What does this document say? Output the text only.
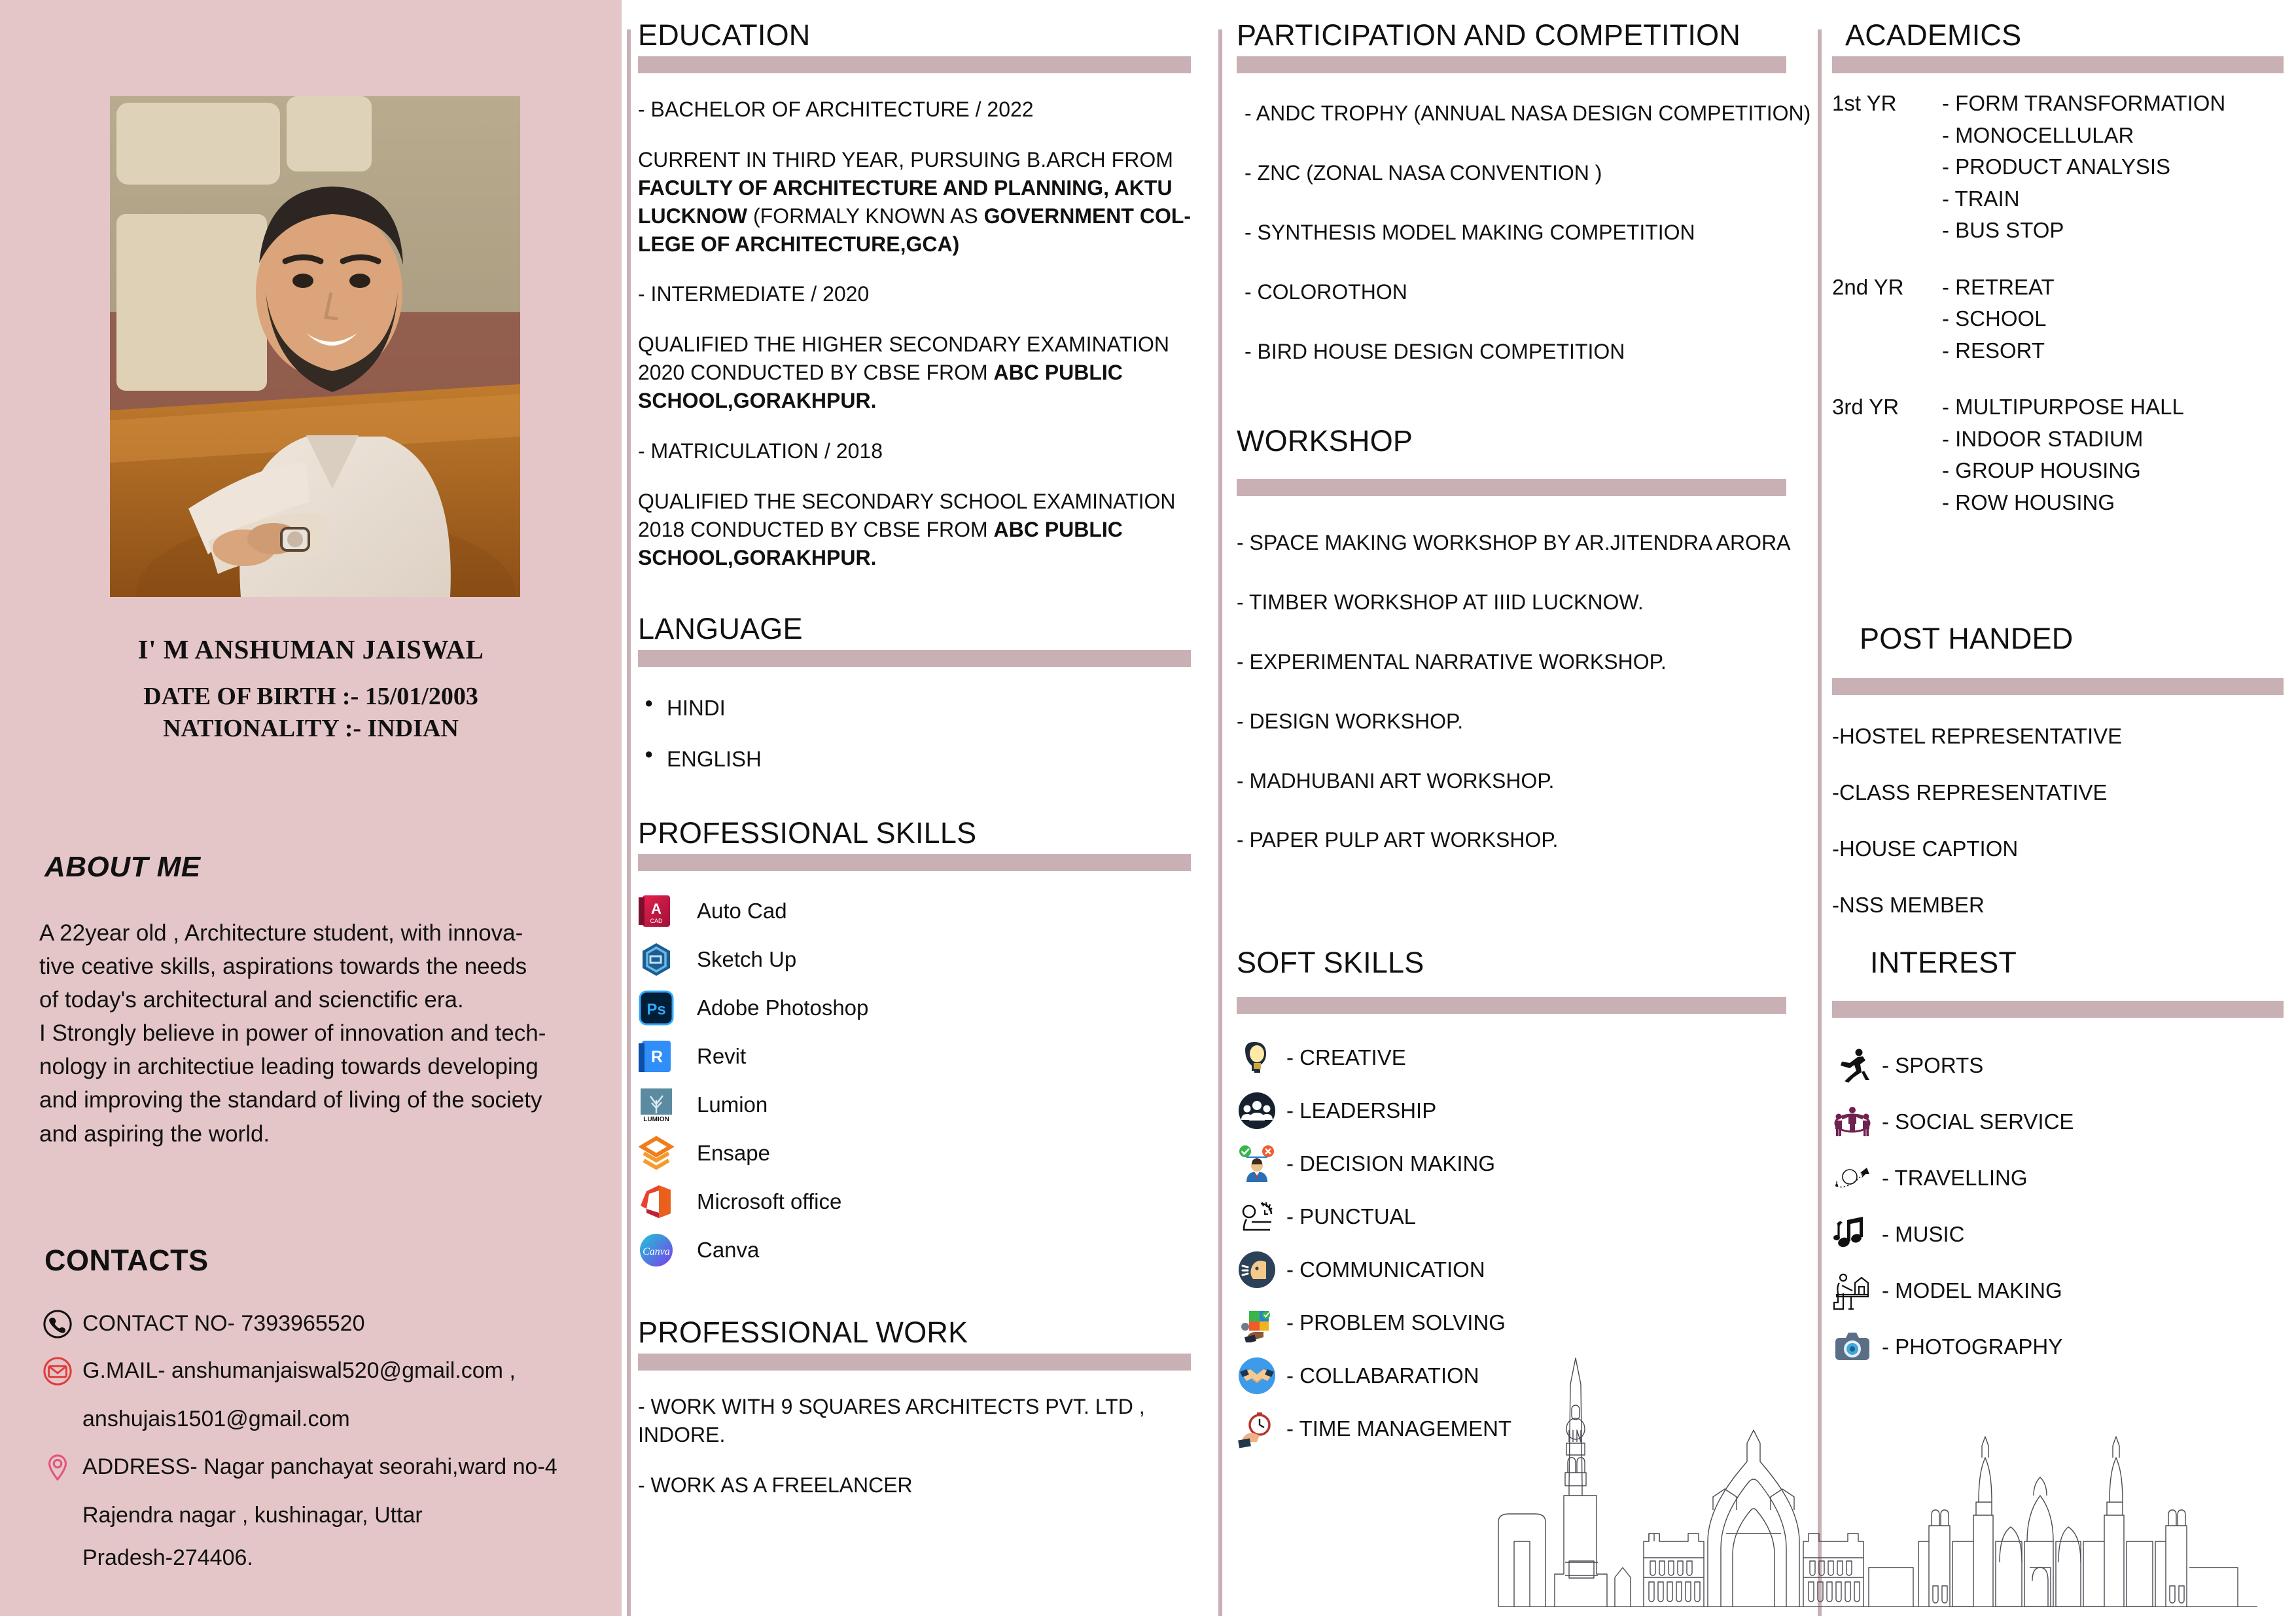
I' M ANSHUMAN JAISWAL
DATE OF BIRTH :- 15/01/2003
NATIONALITY :- INDIAN
ABOUT ME
A 22year old , Architecture student, with innova-
tive ceative skills, aspirations towards the needs
of today's architectural and scienctific era.
I Strongly believe in power of innovation and tech-
nology in architectiue leading towards developing
and improving the standard of living of the society
and aspiring the world.
CONTACTS
CONTACT NO- 7393965520
G.MAIL- anshumanjaiswal520@gmail.com ,
anshujais1501@gmail.com
ADDRESS- Nagar panchayat seorahi,ward no-4
Rajendra nagar , kushinagar, Uttar
Pradesh-274406.
EDUCATION
- BACHELOR OF ARCHITECTURE / 2022
CURRENT IN THIRD YEAR, PURSUING B.ARCH FROM
FACULTY OF ARCHITECTURE AND PLANNING, AKTU
LUCKNOW (FORMALY KNOWN AS GOVERNMENT COL-
LEGE OF ARCHITECTURE,GCA)
- INTERMEDIATE / 2020
QUALIFIED THE HIGHER SECONDARY EXAMINATION
2020 CONDUCTED BY CBSE FROM ABC PUBLIC
SCHOOL,GORAKHPUR.
- MATRICULATION / 2018
QUALIFIED THE SECONDARY SCHOOL EXAMINATION
2018 CONDUCTED BY CBSE FROM ABC PUBLIC
SCHOOL,GORAKHPUR.
LANGUAGE
● HINDI
● ENGLISH
PROFESSIONAL SKILLS
A
CAD Auto Cad
Sketch Up
Ps Adobe Photoshop
R Revit
LUMION
Lumion
Ensape
Microsoft office
Canva Canva
PROFESSIONAL WORK
- WORK WITH 9 SQUARES ARCHITECTS PVT. LTD ,
INDORE.
- WORK AS A FREELANCER
PARTICIPATION AND COMPETITION
- ANDC TROPHY (ANNUAL NASA DESIGN COMPETITION)
- ZNC (ZONAL NASA CONVENTION )
- SYNTHESIS MODEL MAKING COMPETITION
- COLOROTHON
- BIRD HOUSE DESIGN COMPETITION
WORKSHOP
- SPACE MAKING WORKSHOP BY AR.JITENDRA ARORA
- TIMBER WORKSHOP AT IIID LUCKNOW.
- EXPERIMENTAL NARRATIVE WORKSHOP.
- DESIGN WORKSHOP.
- MADHUBANI ART WORKSHOP.
- PAPER PULP ART WORKSHOP.
SOFT SKILLS
- CREATIVE
- LEADERSHIP
- DECISION MAKING
- PUNCTUAL
- COMMUNICATION
- PROBLEM SOLVING
- COLLABARATION
- TIME MANAGEMENT
ACADEMICS
1st YR	- FORM TRANSFORMATION
- MONOCELLULAR
- PRODUCT ANALYSIS
- TRAIN
- BUS STOP
2nd YR	- RETREAT
- SCHOOL
- RESORT
3rd YR	- MULTIPURPOSE HALL
- INDOOR STADIUM
- GROUP HOUSING
- ROW HOUSING
POST HANDED
-HOSTEL REPRESENTATIVE
-CLASS REPRESENTATIVE
-HOUSE CAPTION
-NSS MEMBER
INTEREST
- SPORTS
- SOCIAL SERVICE
- TRAVELLING
- MUSIC
- MODEL MAKING
- PHOTOGRAPHY
